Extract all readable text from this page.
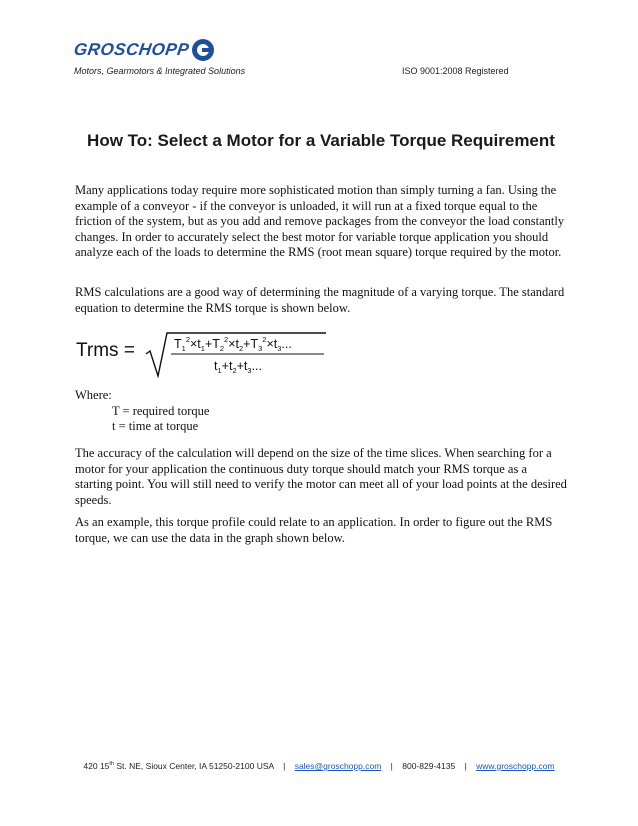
GROSCHOPP
Motors, Gearmotors & Integrated Solutions	ISO 9001:2008 Registered
How To: Select a Motor for a Variable Torque Requirement

Many applications today require more sophisticated motion than simply turning a fan. Using the example of a conveyor - if the conveyor is unloaded, it will run at a fixed torque equal to the friction of the system, but as you add and remove packages from the conveyor the load constantly changes. In order to accurately select the best motor for variable torque application you should analyze each of the loads to determine the RMS (root mean square) torque required by the motor.

RMS calculations are a good way of determining the magnitude of a varying torque. The standard equation to determine the RMS torque is shown below.

Trms =	$T_1^2\times t_1+T_2^2\times t_2+T_3^2\times t_3$...
$t_1+t_2+t_3$...
Where:
T = required torque
t = time at torque

The accuracy of the calculation will depend on the size of the time slices. When searching for a motor for your application the continuous duty torque should match your RMS torque as a starting point. You will still need to verify the motor can meet all of your load points at the desired speeds.

As an example, this torque profile could relate to an application. In order to figure out the RMS torque, we can use the data in the graph shown below.

420 15th St. NE, Sioux Center, IA 51250-2100 USA | sales@groschopp.com | 800-829-4135 | www.groschopp.com
